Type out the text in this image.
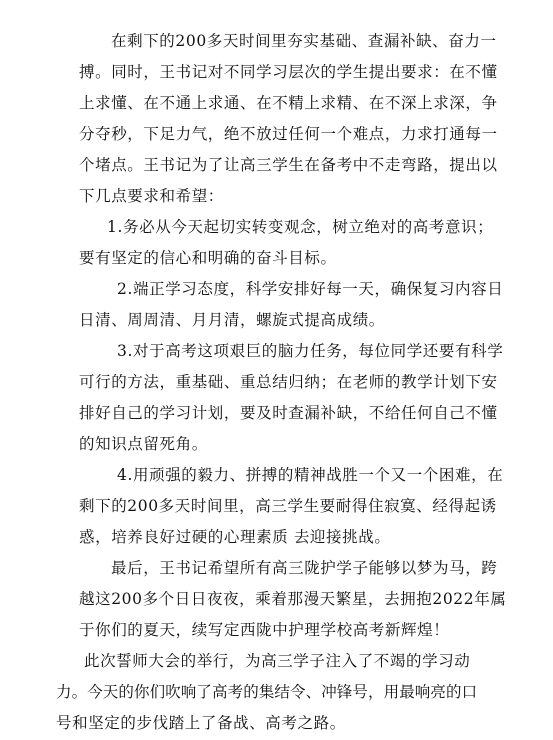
在剩下的200多天时间里夯实基础、查漏补缺、奋力一
搏。同时，王书记对不同学习层次的学生提出要求：在不懂
上求懂、在不通上求通、在不精上求精、在不深上求深，争
分夺秒，下足力气，绝不放过任何一个难点，力求打通每一
个堵点。王书记为了让高三学生在备考中不走弯路，提出以
下几点要求和希望：
1.务必从今天起切实转变观念，树立绝对的高考意识；
要有坚定的信心和明确的奋斗目标。
2.端正学习态度，科学安排好每一天，确保复习内容日
日清、周周清、月月清，螺旋式提高成绩。
3.对于高考这项艰巨的脑力任务，每位同学还要有科学
可行的方法，重基础、重总结归纳；在老师的教学计划下安
排好自己的学习计划，要及时查漏补缺，不给任何自己不懂
的知识点留死角。
4.用顽强的毅力、拼搏的精神战胜一个又一个困难，在
剩下的200多天时间里，高三学生要耐得住寂寞、经得起诱
惑，培养良好过硬的心理素质 去迎接挑战。
最后，王书记希望所有高三陇护学子能够以梦为马，跨
越这200多个日日夜夜，乘着那漫天繁星，去拥抱2022年属
于你们的夏天，续写定西陇中护理学校高考新辉煌！
此次誓师大会的举行，为高三学子注入了不竭的学习动
力。今天的你们吹响了高考的集结令、冲锋号，用最响亮的口
号和坚定的步伐踏上了备战、高考之路。
